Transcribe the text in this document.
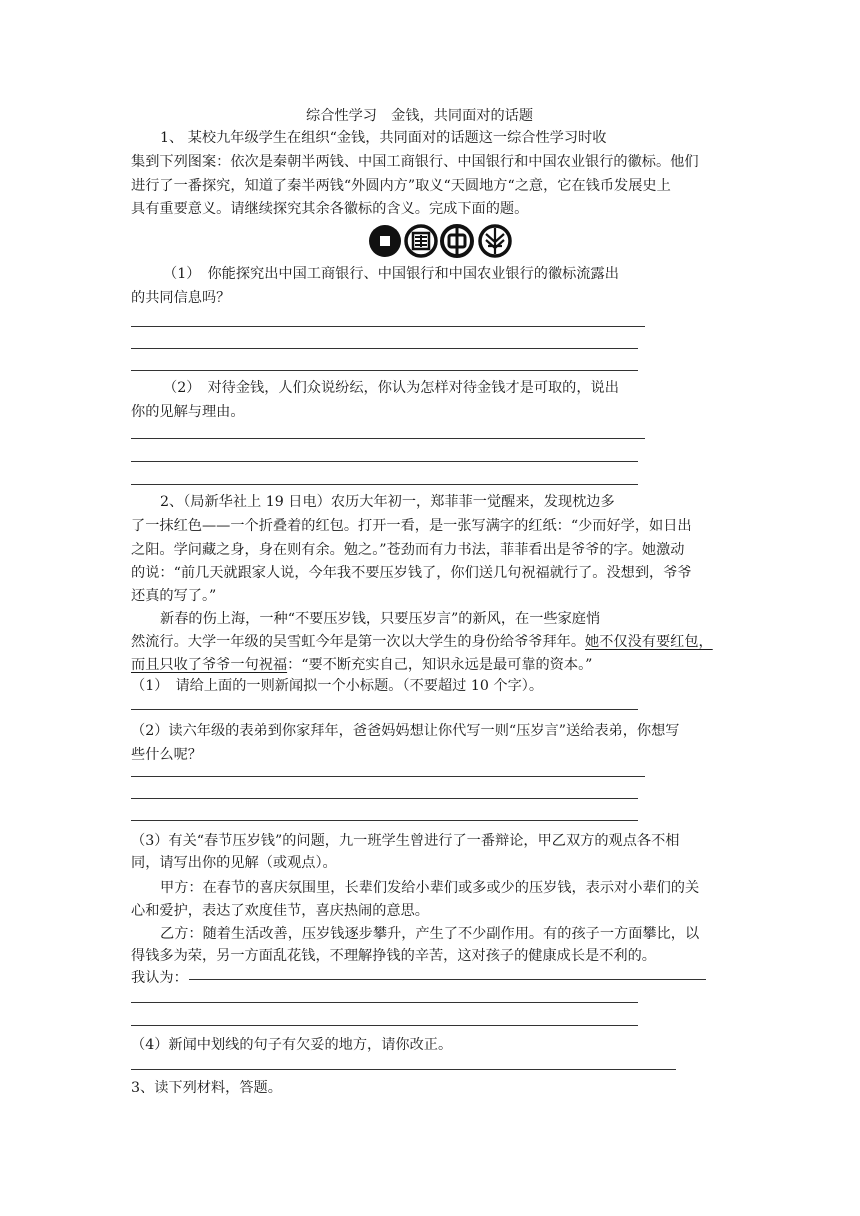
综合性学习　金钱，共同面对的话题
1、 某校九年级学生在组织“金钱，共同面对的话题这一综合性学习时收
集到下列图案：依次是秦朝半两钱、中国工商银行、中国银行和中国农业银行的徽标。他们
进行了一番探究，知道了秦半两钱“外圆内方”取义“天圆地方“之意，它在钱币发展史上
具有重要意义。请继续探究其余各徽标的含义。完成下面的题。
（1）　你能探究出中国工商银行、中国银行和中国农业银行的徽标流露出
的共同信息吗？
（2）　对待金钱，人们众说纷纭，你认为怎样对待金钱才是可取的，说出
你的见解与理由。
2、（局新华社上 19 日电）农历大年初一，郑菲菲一觉醒来，发现枕边多
了一抹红色——一个折叠着的红包。打开一看，是一张写满字的红纸：“少而好学，如日出
之阳。学问藏之身，身在则有余。勉之。”苍劲而有力书法，菲菲看出是爷爷的字。她激动
的说：“前几天就跟家人说，今年我不要压岁钱了，你们送几句祝福就行了。没想到，爷爷
还真的写了。”
新春的伤上海，一种“不要压岁钱，只要压岁言”的新风，在一些家庭悄
然流行。大学一年级的吴雪虹今年是第一次以大学生的身份给爷爷拜年。她不仅没有要红包，
而且只收了爷爷一句祝福：“要不断充实自己，知识永远是最可靠的资本。”
（1）　请给上面的一则新闻拟一个小标题。（不要超过 10 个字）。
（2）读六年级的表弟到你家拜年，爸爸妈妈想让你代写一则“压岁言”送给表弟，你想写
些什么呢？
（3）有关“春节压岁钱”的问题，九一班学生曾进行了一番辩论，甲乙双方的观点各不相
同，请写出你的见解（或观点）。
甲方：在春节的喜庆氛围里，长辈们发给小辈们或多或少的压岁钱，表示对小辈们的关
心和爱护，表达了欢度佳节，喜庆热闹的意思。
乙方：随着生活改善，压岁钱逐步攀升，产生了不少副作用。有的孩子一方面攀比，以
得钱多为荣，另一方面乱花钱，不理解挣钱的辛苦，这对孩子的健康成长是不利的。
我认为：
（4）新闻中划线的句子有欠妥的地方，请你改正。
3、读下列材料，答题。
